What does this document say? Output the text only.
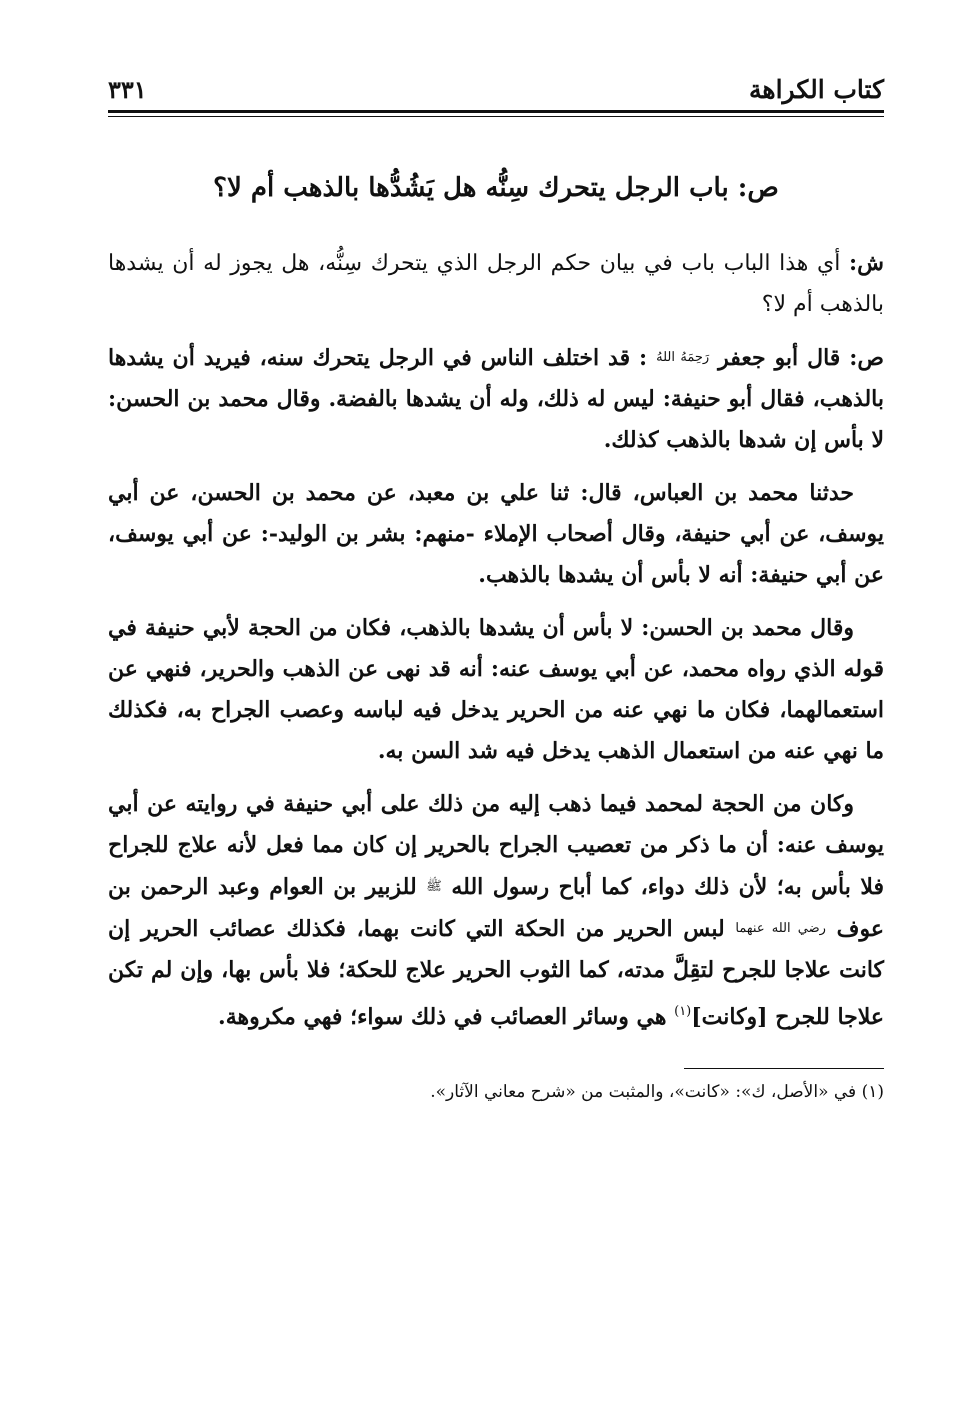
كتاب الكراهة
٣٣١
ص: باب الرجل يتحرك سِنُّه هل يَشُدُّها بالذهب أم لا؟

ش: أي هذا الباب باب في بيان حكم الرجل الذي يتحرك سِنُّه، هل يجوز له أن يشدها بالذهب أم لا؟

ص: قال أبو جعفر رَحِمَهُ اللهُ : قد اختلف الناس في الرجل يتحرك سنه، فيريد أن يشدها بالذهب، فقال أبو حنيفة: ليس له ذلك، وله أن يشدها بالفضة. وقال محمد بن الحسن: لا بأس إن شدها بالذهب كذلك.

حدثنا محمد بن العباس، قال: ثنا علي بن معبد، عن محمد بن الحسن، عن أبي يوسف، عن أبي حنيفة، وقال أصحاب الإملاء -منهم: بشر بن الوليد-: عن أبي يوسف، عن أبي حنيفة: أنه لا بأس أن يشدها بالذهب.

وقال محمد بن الحسن: لا بأس أن يشدها بالذهب، فكان من الحجة لأبي حنيفة في قوله الذي رواه محمد، عن أبي يوسف عنه: أنه قد نهى عن الذهب والحرير، فنهي عن استعمالهما، فكان ما نهي عنه من الحرير يدخل فيه لباسه وعصب الجراح به، فكذلك ما نهي عنه من استعمال الذهب يدخل فيه شد السن به.

وكان من الحجة لمحمد فيما ذهب إليه من ذلك على أبي حنيفة في روايته عن أبي يوسف عنه: أن ما ذكر من تعصيب الجراح بالحرير إن كان مما فعل لأنه علاج للجراح فلا بأس به؛ لأن ذلك دواء، كما أباح رسول الله ﷺ للزبير بن العوام وعبد الرحمن بن عوف رضي الله عنهما لبس الحرير من الحكة التي كانت بهما، فكذلك عصائب الحرير إن كانت علاجا للجرح لتقِلَّ مدته، كما الثوب الحرير علاج للحكة؛ فلا بأس بها، وإن لم تكن علاجا للجرح [وكانت]$^{(١)}$ هي وسائر العصائب في ذلك سواء؛ فهي مكروهة.

(١) في «الأصل، ك»: «كانت»، والمثبت من «شرح معاني الآثار».
